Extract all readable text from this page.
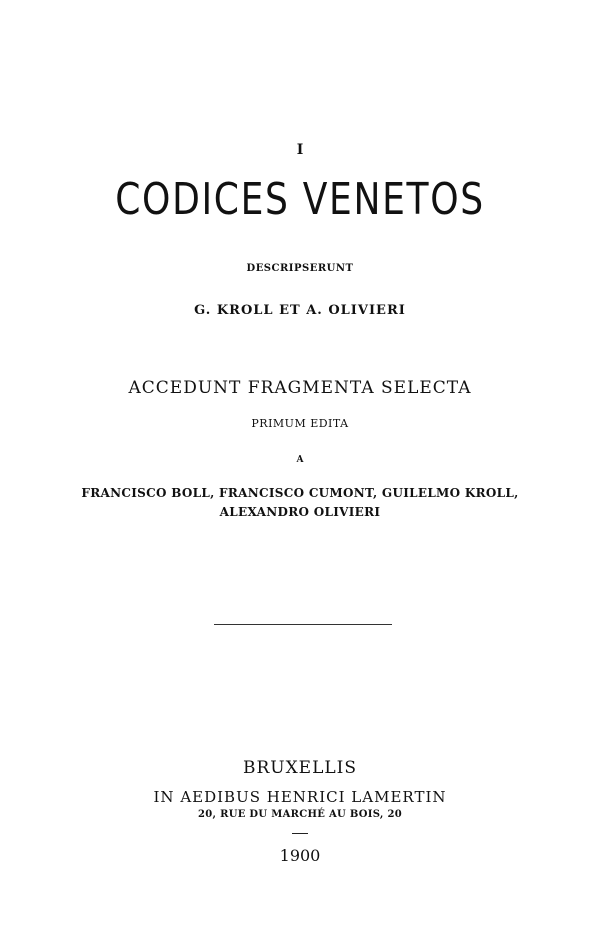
I
CODICES VENETOS
DESCRIPSERUNT
G. KROLL ET A. OLIVIERI
ACCEDUNT FRAGMENTA SELECTA
PRIMUM EDITA
A
FRANCISCO BOLL, FRANCISCO CUMONT, GUILELMO KROLL,
ALEXANDRO OLIVIERI
BRUXELLIS
IN AEDIBUS HENRICI LAMERTIN
20, RUE DU MARCHÉ AU BOIS, 20
1900
